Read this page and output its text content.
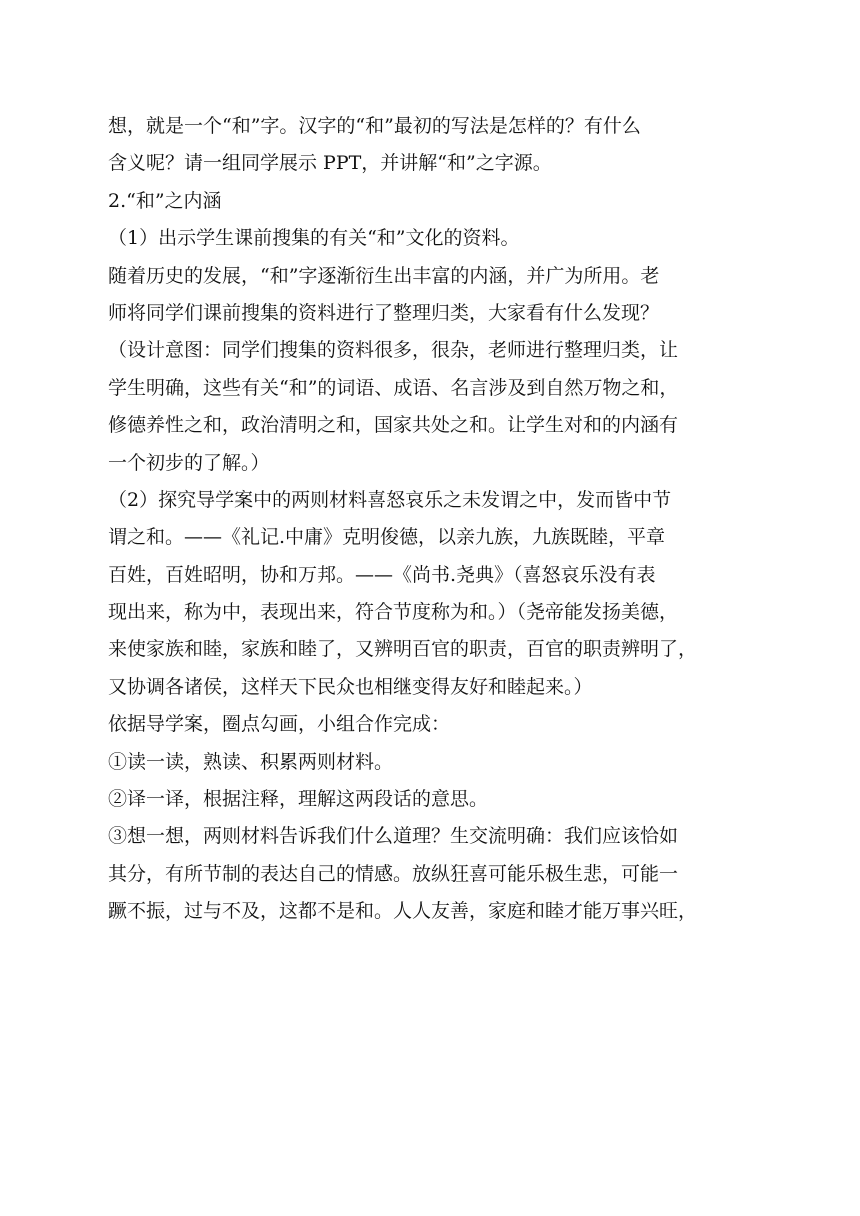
想，就是一个“和”字。汉字的“和”最初的写法是怎样的？有什么
含义呢？请一组同学展示 PPT，并讲解“和”之字源。
2.“和”之内涵
（1）出示学生课前搜集的有关“和”文化的资料。
随着历史的发展，“和”字逐渐衍生出丰富的内涵，并广为所用。老
师将同学们课前搜集的资料进行了整理归类，大家看有什么发现？
（设计意图：同学们搜集的资料很多，很杂，老师进行整理归类，让
学生明确，这些有关“和”的词语、成语、名言涉及到自然万物之和，
修德养性之和，政治清明之和，国家共处之和。让学生对和的内涵有
一个初步的了解。）
（2）探究导学案中的两则材料喜怒哀乐之未发谓之中，发而皆中节
谓之和。——《礼记.中庸》克明俊德，以亲九族，九族既睦，平章
百姓，百姓昭明，协和万邦。——《尚书.尧典》（喜怒哀乐没有表
现出来，称为中，表现出来，符合节度称为和。）（尧帝能发扬美德，
来使家族和睦，家族和睦了，又辨明百官的职责，百官的职责辨明了，
又协调各诸侯，这样天下民众也相继变得友好和睦起来。）
依据导学案，圈点勾画，小组合作完成：
①读一读，熟读、积累两则材料。
②译一译，根据注释，理解这两段话的意思。
③想一想，两则材料告诉我们什么道理？生交流明确：我们应该恰如
其分，有所节制的表达自己的情感。放纵狂喜可能乐极生悲，可能一
蹶不振，过与不及，这都不是和。人人友善，家庭和睦才能万事兴旺，
